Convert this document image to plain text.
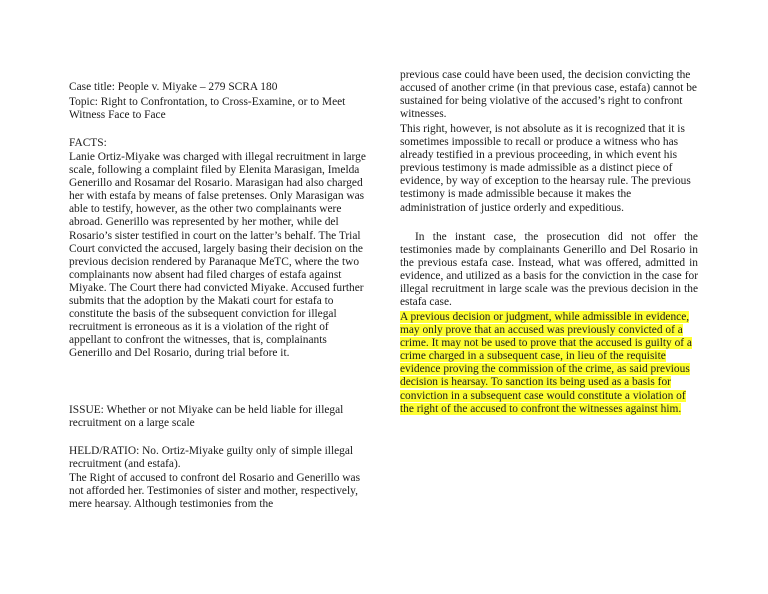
Case title: People v. Miyake – 279 SCRA 180

Topic: Right to Confrontation, to Cross-Examine, or to Meet Witness Face to Face

FACTS:

Lanie Ortiz-Miyake was charged with illegal recruitment in large scale, following a complaint filed by Elenita Marasigan, Imelda Generillo and Rosamar del Rosario. Marasigan had also charged her with estafa by means of false pretenses. Only Marasigan was able to testify, however, as the other two complainants were abroad. Generillo was represented by her mother, while del Rosario’s sister testified in court on the latter’s behalf. The Trial Court convicted the accused, largely basing their decision on the previous decision rendered by Paranaque MeTC, where the two complainants now absent had filed charges of estafa against Miyake. The Court there had convicted Miyake. Accused further submits that the adoption by the Makati court for estafa to constitute the basis of the subsequent conviction for illegal recruitment is erroneous as it is a violation of the right of appellant to confront the witnesses, that is, complainants Generillo and Del Rosario, during trial before it.

ISSUE: Whether or not Miyake can be held liable for illegal recruitment on a large scale

HELD/RATIO: No. Ortiz-Miyake guilty only of simple illegal recruitment (and estafa).

The Right of accused to confront del Rosario and Generillo was not afforded her. Testimonies of sister and mother, respectively, mere hearsay. Although testimonies from the

previous case could have been used, the decision convicting the accused of another crime (in that previous case, estafa) cannot be sustained for being violative of the accused’s right to confront witnesses.

This right, however, is not absolute as it is recognized that it is sometimes impossible to recall or produce a witness who has already testified in a previous proceeding, in which event his previous testimony is made admissible as a distinct piece of evidence, by way of exception to the hearsay rule. The previous testimony is made admissible because it makes the administration of justice orderly and expeditious.

In the instant case, the prosecution did not offer the testimonies made by complainants Generillo and Del Rosario in the previous estafa case. Instead, what was offered, admitted in evidence, and utilized as a basis for the conviction in the case for illegal recruitment in large scale was the previous decision in the estafa case.

A previous decision or judgment, while admissible in evidence, may only prove that an accused was previously convicted of a crime. It may not be used to prove that the accused is guilty of a crime charged in a subsequent case, in lieu of the requisite evidence proving the commission of the crime, as said previous decision is hearsay. To sanction its being used as a basis for conviction in a subsequent case would constitute a violation of the right of the accused to confront the witnesses against him.
